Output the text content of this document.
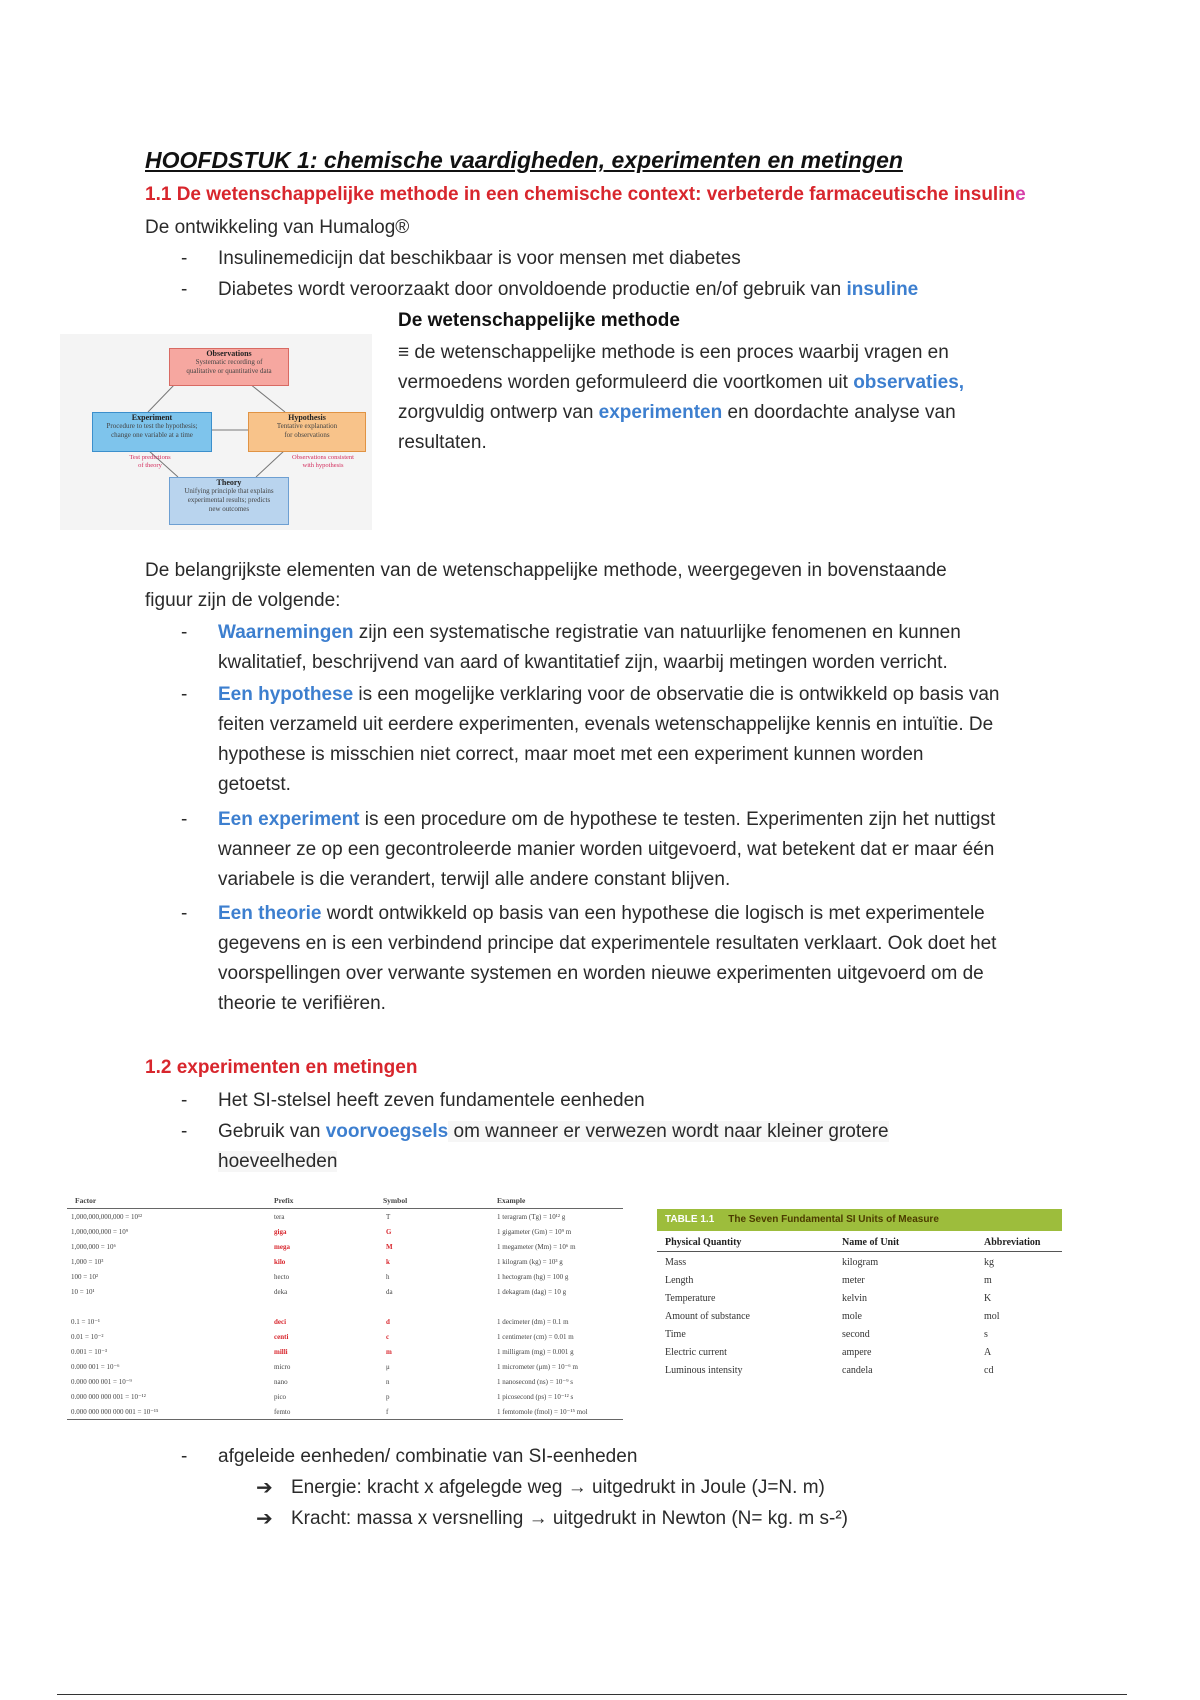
HOOFDSTUK 1: chemische vaardigheden, experimenten en metingen
1.1 De wetenschappelijke methode in een chemische context: verbeterde farmaceutische insuline
De ontwikkeling van Humalog®
- Insulinemedicijn dat beschikbaar is voor mensen met diabetes
- Diabetes wordt veroorzaakt door onvoldoende productie en/of gebruik van insuline
De wetenschappelijke methode
≡ de wetenschappelijke methode is een proces waarbij vragen en
vermoedens worden geformuleerd die voortkomen uit observaties,
zorgvuldig ontwerp van experimenten en doordachte analyse van
resultaten.
Observations
Systematic recording of
qualitative or quantitative data
Experiment
Procedure to test the hypothesis;
change one variable at a time
Hypothesis
Tentative explanation
for observations
Test predictions
of theory
Observations consistent
with hypothesis
Theory
Unifying principle that explains
experimental results; predicts
new outcomes
De belangrijkste elementen van de wetenschappelijke methode, weergegeven in bovenstaande
figuur zijn de volgende:
- Waarnemingen zijn een systematische registratie van natuurlijke fenomenen en kunnen
kwalitatief, beschrijvend van aard of kwantitatief zijn, waarbij metingen worden verricht.
- Een hypothese is een mogelijke verklaring voor de observatie die is ontwikkeld op basis van
feiten verzameld uit eerdere experimenten, evenals wetenschappelijke kennis en intuïtie. De
hypothese is misschien niet correct, maar moet met een experiment kunnen worden
getoetst.
- Een experiment is een procedure om de hypothese te testen. Experimenten zijn het nuttigst
wanneer ze op een gecontroleerde manier worden uitgevoerd, wat betekent dat er maar één
variabele is die verandert, terwijl alle andere constant blijven.
- Een theorie wordt ontwikkeld op basis van een hypothese die logisch is met experimentele
gegevens en is een verbindend principe dat experimentele resultaten verklaart. Ook doet het
voorspellingen over verwante systemen en worden nieuwe experimenten uitgevoerd om de
theorie te verifiëren.
1.2 experimenten en metingen
- Het SI-stelsel heeft zeven fundamentele eenheden
- Gebruik van voorvoegsels om wanneer er verwezen wordt naar kleiner grotere
hoeveelheden
Factor	Prefix	Symbol	Example
1,000,000,000,000 = 10¹²	tera	T	1 teragram (Tg) = 10¹² g
1,000,000,000 = 10⁹	giga	G	1 gigameter (Gm) = 10⁹ m
1,000,000 = 10⁶	mega	M	1 megameter (Mm) = 10⁶ m
1,000 = 10³	kilo	k	1 kilogram (kg) = 10³ g
100 = 10²	hecto	h	1 hectogram (hg) = 100 g
10 = 10¹	deka	da	1 dekagram (dag) = 10 g
0.1 = 10⁻¹	deci	d	1 decimeter (dm) = 0.1 m
0.01 = 10⁻²	centi	c	1 centimeter (cm) = 0.01 m
0.001 = 10⁻³	milli	m	1 milligram (mg) = 0.001 g
0.000 001 = 10⁻⁶	micro	μ	1 micrometer (μm) = 10⁻⁶ m
0.000 000 001 = 10⁻⁹	nano	n	1 nanosecond (ns) = 10⁻⁹ s
0.000 000 000 001 = 10⁻¹²	pico	p	1 picosecond (ps) = 10⁻¹² s
0.000 000 000 000 001 = 10⁻¹⁵	femto	f	1 femtomole (fmol) = 10⁻¹⁵ mol
TABLE 1.1 The Seven Fundamental SI Units of Measure
Physical Quantity	Name of Unit	Abbreviation
Mass	kilogram	kg
Length	meter	m
Temperature	kelvin	K
Amount of substance	mole	mol
Time	second	s
Electric current	ampere	A
Luminous intensity	candela	cd
- afgeleide eenheden/ combinatie van SI-eenheden
➔ Energie: kracht x afgelegde weg → uitgedrukt in Joule (J=N. m)
➔ Kracht: massa x versnelling → uitgedrukt in Newton (N= kg. m s-²)
